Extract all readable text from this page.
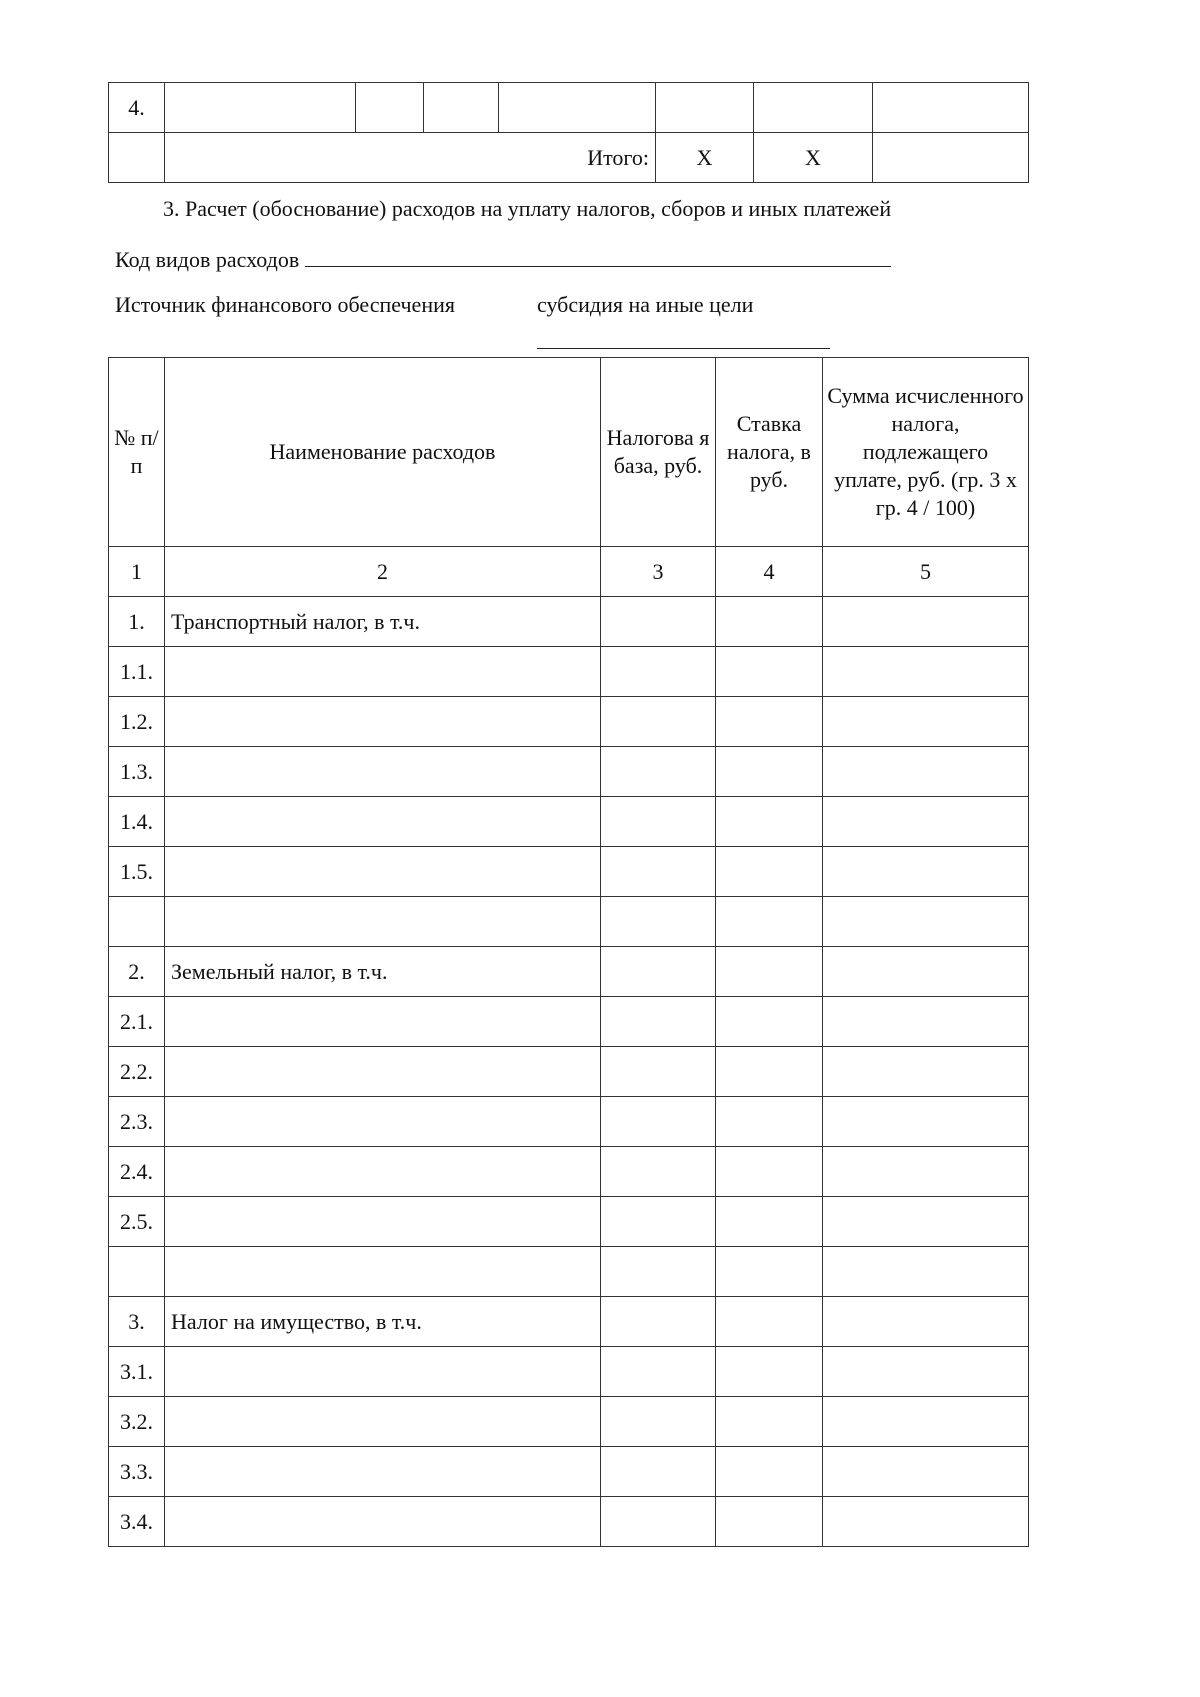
4.							
	Итого:				Х	Х	
3. Расчет (обоснование) расходов на уплату налогов, сборов и иных платежей
Код видов расходов
Источник финансового обеспечения	субсидия на иные цели
№ п/п	Наименование расходов	Налогова я база, руб.	Ставка налога, в руб.	Сумма исчисленного налога, подлежащего уплате, руб. (гр. 3 х гр. 4 / 100)
1	2	3	4	5
1.	Транспортный налог, в т.ч.			
1.1.				
1.2.				
1.3.				
1.4.				
1.5.				

2.	Земельный налог, в т.ч.			
2.1.				
2.2.				
2.3.				
2.4.				
2.5.				

3.	Налог на имущество, в т.ч.			
3.1.				
3.2.				
3.3.				
3.4.				
